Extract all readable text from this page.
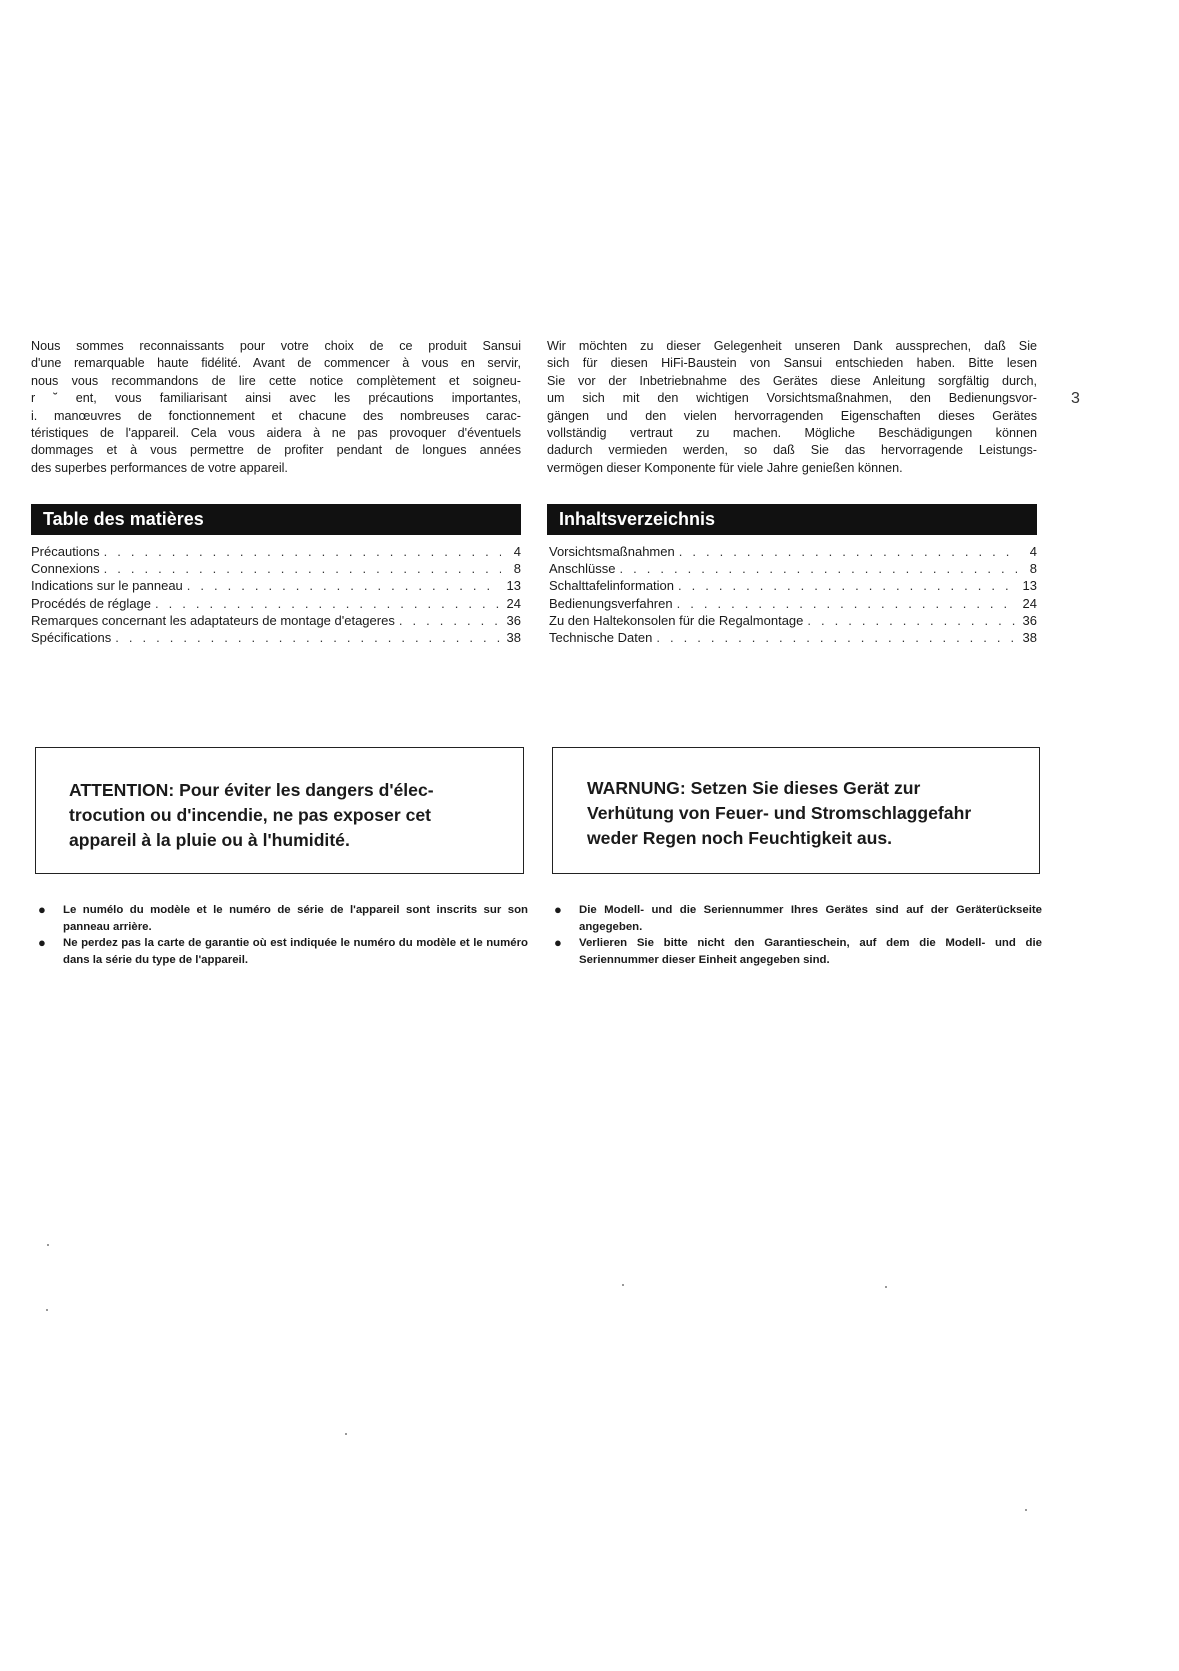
Nous sommes reconnaissants pour votre choix de ce produit Sansui

d'une remarquable haute fidélité. Avant de commencer à vous en servir,

nous vous recommandons de lire cette notice complètement et soigneu-

r ˘ ent, vous familiarisant ainsi avec les précautions importantes,

i. manœuvres de fonctionnement et chacune des nombreuses carac-

téristiques de l'appareil. Cela vous aidera à ne pas provoquer d'éventuels

dommages et à vous permettre de profiter pendant de longues années

des superbes performances de votre appareil.

Wir möchten zu dieser Gelegenheit unseren Dank aussprechen, daß Sie

sich für diesen HiFi-Baustein von Sansui entschieden haben. Bitte lesen

Sie vor der Inbetriebnahme des Gerätes diese Anleitung sorgfältig durch,

um sich mit den wichtigen Vorsichtsmaßnahmen, den Bedienungsvor-

gängen und den vielen hervorragenden Eigenschaften dieses Gerätes

vollständig vertraut zu machen. Mögliche Beschädigungen können

dadurch vermieden werden, so daß Sie das hervorragende Leistungs-

vermögen dieser Komponente für viele Jahre genießen können.

3
Table des matières	Inhaltsverzeichnis
Précautions . . .	4
Connexions . . .	8
Indications sur le panneau . . .	13
Procédés de réglage . . .	24
Remarques concernant les adaptateurs de montage d'etageres . . .	36
Spécifications . . .	38
Vorsichtsmaßnahmen . . .	4
Anschlüsse . . .	8
Schalttafelinformation . . .	13
Bedienungsverfahren . . .	24
Zu den Haltekonsolen für die Regalmontage . . .	36
Technische Daten . . .	38
ATTENTION: Pour éviter les dangers d'élec-
trocution ou d'incendie, ne pas exposer cet
appareil à la pluie ou à l'humidité.
WARNUNG: Setzen Sie dieses Gerät zur
Verhütung von Feuer- und Stromschlaggefahr
weder Regen noch Feuchtigkeit aus.
●	Le numélo du modèle et le numéro de série de l'appareil sont inscrits sur son panneau arrière.
●	Ne perdez pas la carte de garantie où est indiquée le numéro du modèle et le numéro dans la série du type de l'appareil.
●	Die Modell- und die Seriennummer Ihres Gerätes sind auf der Geräterückseite angegeben.
●	Verlieren Sie bitte nicht den Garantieschein, auf dem die Modell- und die Seriennummer dieser Einheit angegeben sind.
